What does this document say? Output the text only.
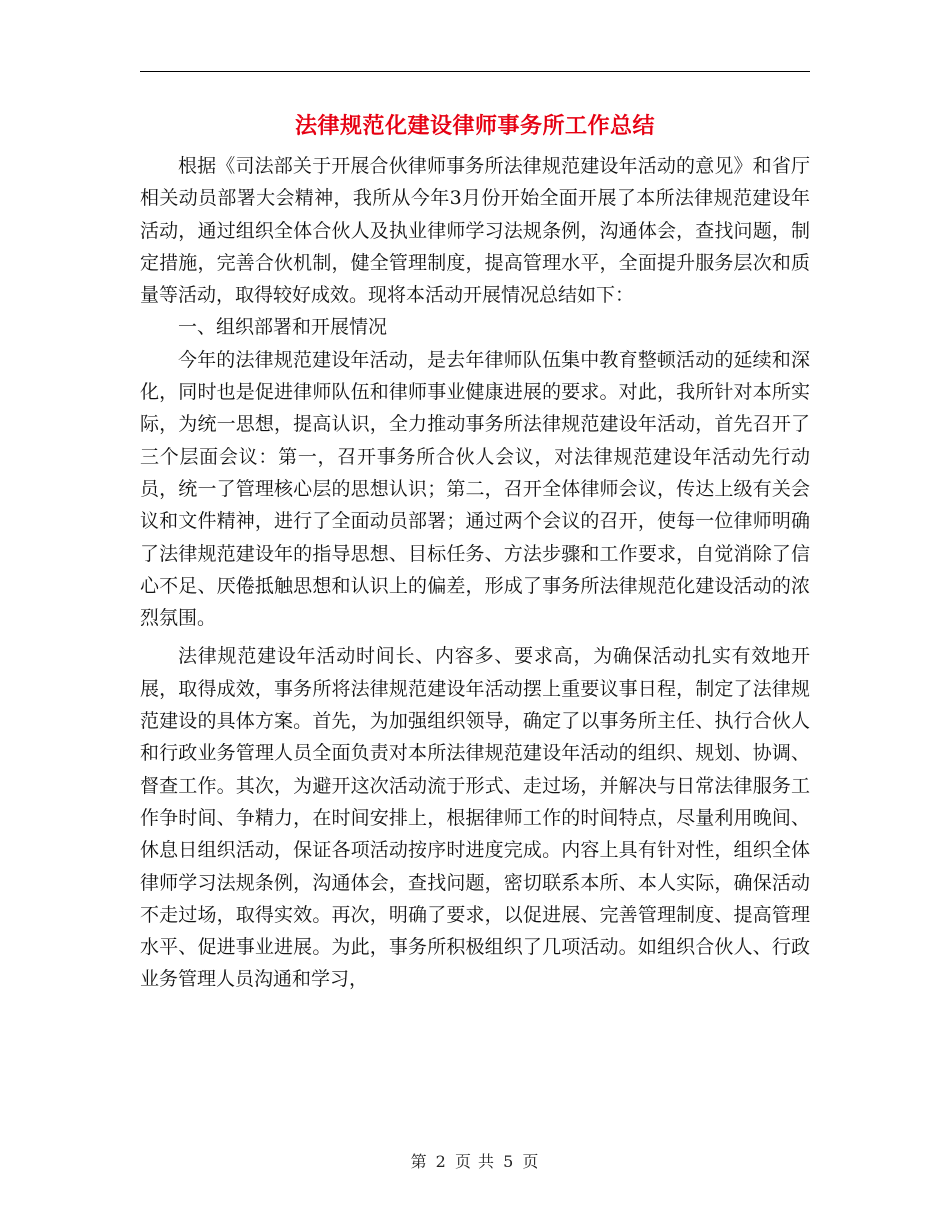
法律规范化建设律师事务所工作总结

根据《司法部关于开展合伙律师事务所法律规范建设年活动的意见》和省厅相关动员部署大会精神，我所从今年3月份开始全面开展了本所法律规范建设年活动，通过组织全体合伙人及执业律师学习法规条例，沟通体会，查找问题，制定措施，完善合伙机制，健全管理制度，提高管理水平，全面提升服务层次和质量等活动，取得较好成效。现将本活动开展情况总结如下：

一、组织部署和开展情况

今年的法律规范建设年活动，是去年律师队伍集中教育整顿活动的延续和深化，同时也是促进律师队伍和律师事业健康进展的要求。对此，我所针对本所实际，为统一思想，提高认识，全力推动事务所法律规范建设年活动，首先召开了三个层面会议：第一，召开事务所合伙人会议，对法律规范建设年活动先行动员，统一了管理核心层的思想认识；第二，召开全体律师会议，传达上级有关会议和文件精神，进行了全面动员部署；通过两个会议的召开，使每一位律师明确了法律规范建设年的指导思想、目标任务、方法步骤和工作要求，自觉消除了信心不足、厌倦抵触思想和认识上的偏差，形成了事务所法律规范化建设活动的浓烈氛围。

法律规范建设年活动时间长、内容多、要求高，为确保活动扎实有效地开展，取得成效，事务所将法律规范建设年活动摆上重要议事日程，制定了法律规范建设的具体方案。首先，为加强组织领导，确定了以事务所主任、执行合伙人和行政业务管理人员全面负责对本所法律规范建设年活动的组织、规划、协调、督查工作。其次，为避开这次活动流于形式、走过场，并解决与日常法律服务工作争时间、争精力，在时间安排上，根据律师工作的时间特点，尽量利用晚间、休息日组织活动，保证各项活动按序时进度完成。内容上具有针对性，组织全体律师学习法规条例，沟通体会，查找问题，密切联系本所、本人实际，确保活动不走过场，取得实效。再次，明确了要求，以促进展、完善管理制度、提高管理水平、促进事业进展。为此，事务所积极组织了几项活动。如组织合伙人、行政业务管理人员沟通和学习，

第 2 页 共 5 页
